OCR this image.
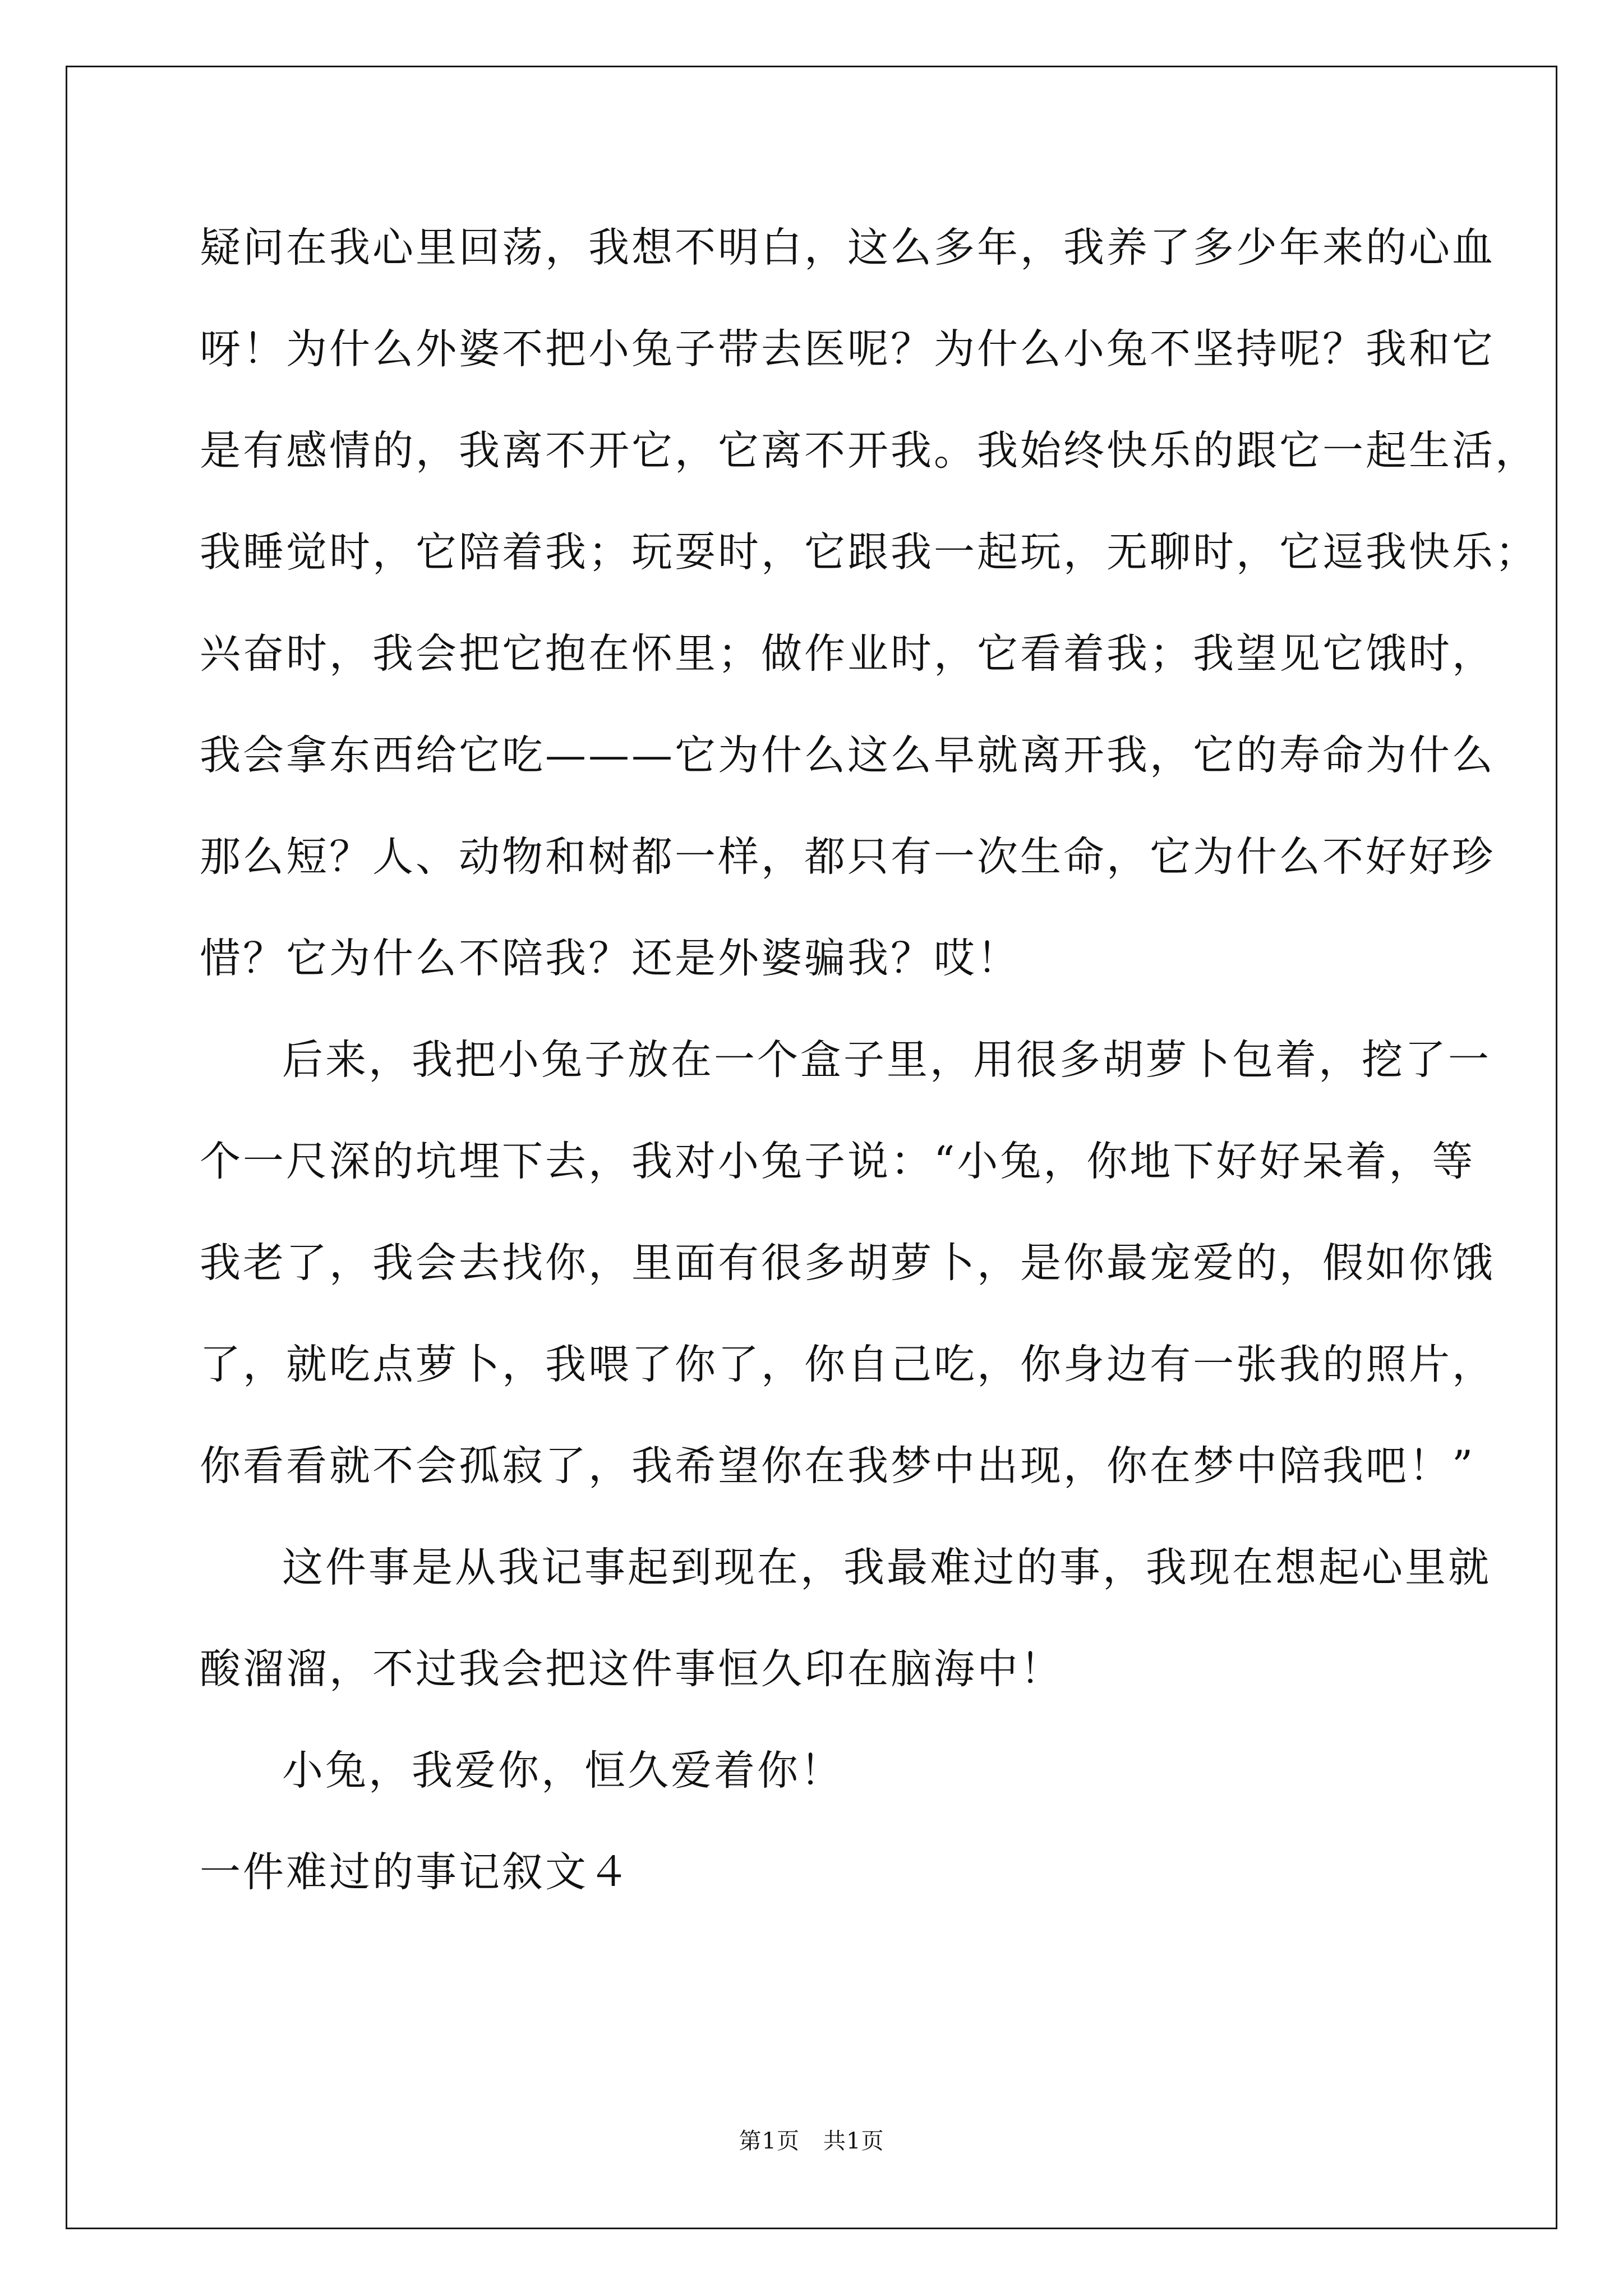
疑问在我心里回荡，我想不明白，这么多年，我养了多少年来的心血
呀！为什么外婆不把小兔子带去医呢？为什么小兔不坚持呢？我和它
是有感情的，我离不开它，它离不开我。我始终快乐的跟它一起生活，
我睡觉时，它陪着我；玩耍时，它跟我一起玩，无聊时，它逗我快乐；
兴奋时，我会把它抱在怀里；做作业时，它看着我；我望见它饿时，
我会拿东西给它吃———它为什么这么早就离开我，它的寿命为什么
那么短？人、动物和树都一样，都只有一次生命，它为什么不好好珍
惜？它为什么不陪我？还是外婆骗我？哎！
后来，我把小兔子放在一个盒子里，用很多胡萝卜包着，挖了一
个一尺深的坑埋下去，我对小兔子说：“小兔，你地下好好呆着，等
我老了，我会去找你，里面有很多胡萝卜，是你最宠爱的，假如你饿
了，就吃点萝卜，我喂了你了，你自己吃，你身边有一张我的照片，
你看看就不会孤寂了，我希望你在我梦中出现，你在梦中陪我吧！”
这件事是从我记事起到现在，我最难过的事，我现在想起心里就
酸溜溜，不过我会把这件事恒久印在脑海中！
小兔，我爱你，恒久爱着你！
一件难过的事记叙文４
第1页 共1页
